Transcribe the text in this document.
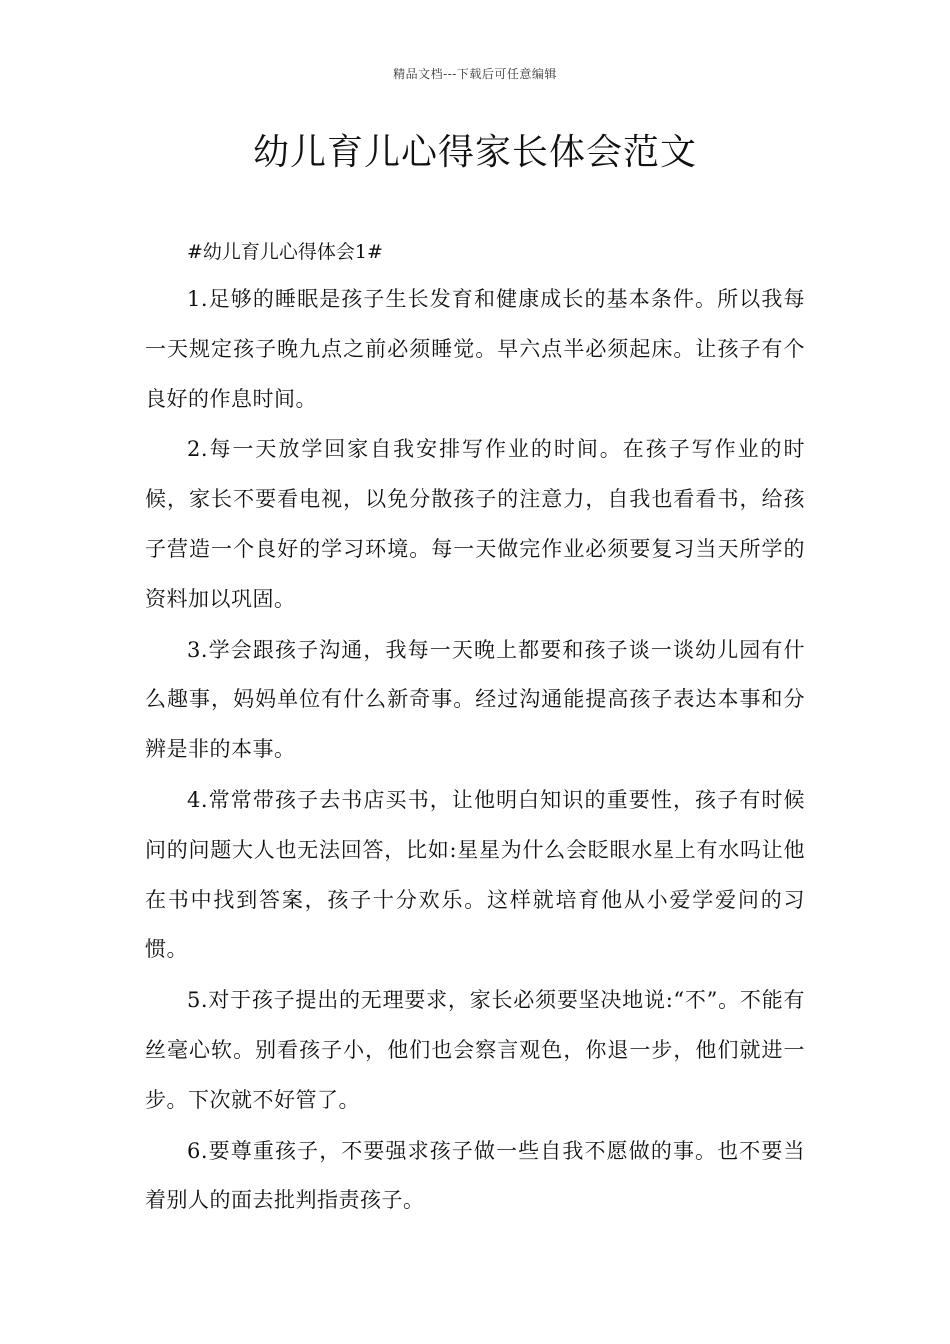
精品文档---下载后可任意编辑
幼儿育儿心得家长体会范文

#幼儿育儿心得体会1#

1.足够的睡眠是孩子生长发育和健康成长的基本条件。所以我每一天规定孩子晚九点之前必须睡觉。早六点半必须起床。让孩子有个良好的作息时间。

2.每一天放学回家自我安排写作业的时间。在孩子写作业的时候，家长不要看电视，以免分散孩子的注意力，自我也看看书，给孩子营造一个良好的学习环境。每一天做完作业必须要复习当天所学的资料加以巩固。

3.学会跟孩子沟通，我每一天晚上都要和孩子谈一谈幼儿园有什么趣事，妈妈单位有什么新奇事。经过沟通能提高孩子表达本事和分辨是非的本事。

4.常常带孩子去书店买书，让他明白知识的重要性，孩子有时候问的问题大人也无法回答，比如:星星为什么会眨眼水星上有水吗让他在书中找到答案，孩子十分欢乐。这样就培育他从小爱学爱问的习惯。

5.对于孩子提出的无理要求，家长必须要坚决地说:“不”。不能有丝毫心软。别看孩子小，他们也会察言观色，你退一步，他们就进一步。下次就不好管了。

6.要尊重孩子，不要强求孩子做一些自我不愿做的事。也不要当着别人的面去批判指责孩子。
